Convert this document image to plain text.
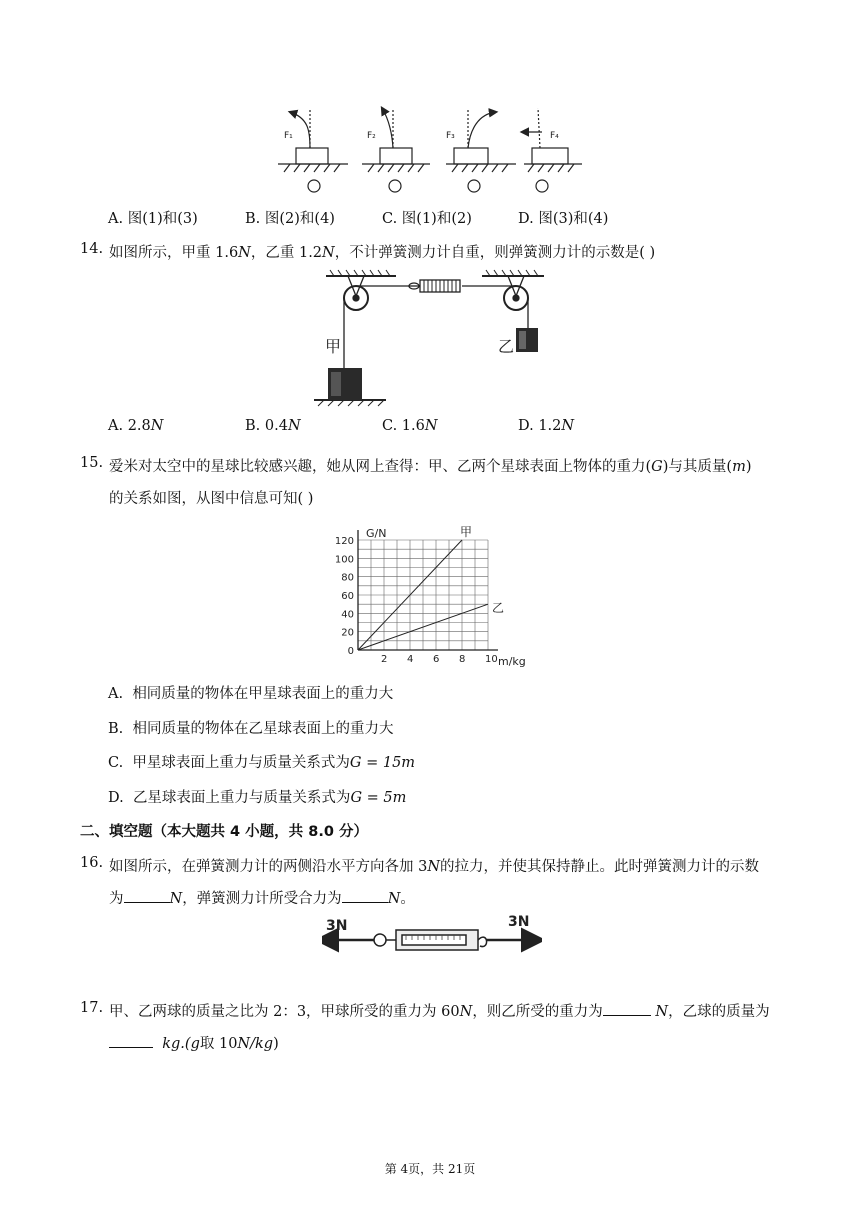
F₁	F₂	F₃	F₄
A. 图(1)和(3)	B. 图(2)和(4)	C. 图(1)和(2)	D. 图(3)和(4)
14. 如图所示，甲重 1.6N，乙重 1.2N，不计弹簧测力计自重，则弹簧测力计的示数是( )
甲	乙
A. 2.8N	B. 0.4N	C. 1.6N	D. 1.2N
15. 爱米对太空中的星球比较感兴趣，她从网上查得：甲、乙两个星球表面上物体的重力(G)与其质量(m)
的关系如图，从图中信息可知( )
2 4 6 8 10
0
20
40
60
80
100
120
甲
乙
G/N
m/kg
A. 相同质量的物体在甲星球表面上的重力大
B. 相同质量的物体在乙星球表面上的重力大
C. 甲星球表面上重力与质量关系式为G = 15m
D. 乙星球表面上重力与质量关系式为G = 5m
二、填空题（本大题共 4 小题，共 8.0 分）
16. 如图所示，在弹簧测力计的两侧沿水平方向各加 3N的拉力，并使其保持静止。此时弹簧测力计的示数
为	N，弹簧测力计所受合力为	N。
3N	3N
17. 甲、乙两球的质量之比为 2：3，甲球所受的重力为 60N，则乙所受的重力为	N，乙球的质量为
kg.(g取 10N/kg)
第 4页，共 21页
